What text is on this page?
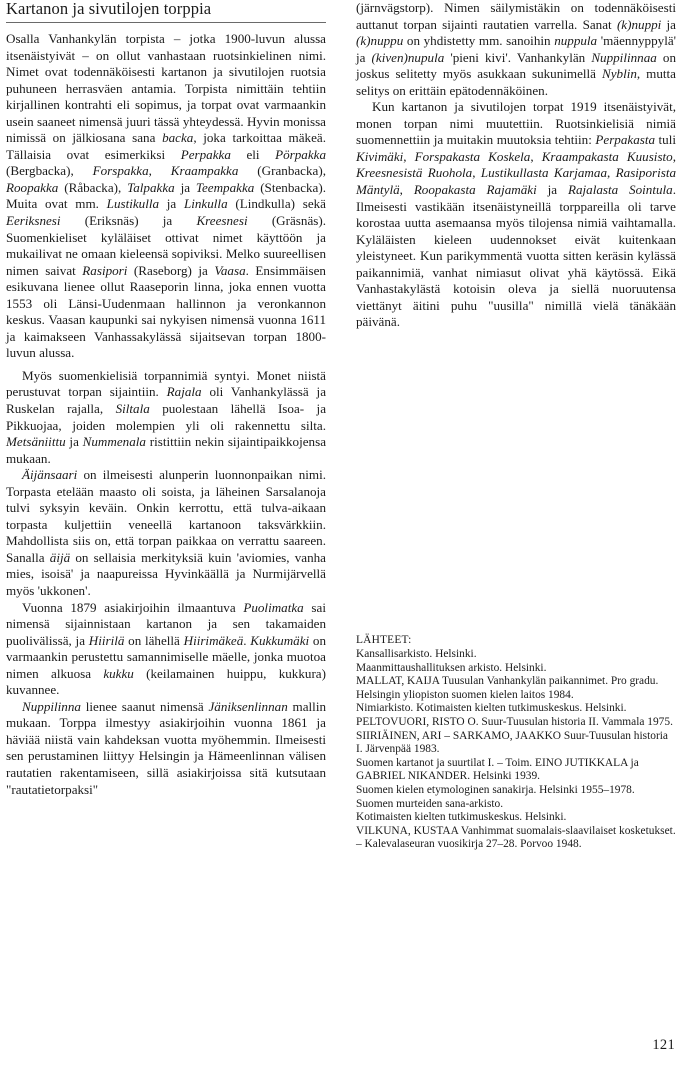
Kartanon ja sivutilojen torppia

Osalla Vanhankylän torpista – jotka 1900-luvun alussa itsenäistyivät – on ollut vanhastaan ruotsinkielinen nimi. Nimet ovat todennäköisesti kartanon ja sivutilojen ruotsia puhuneen herrasväen antamia. Torpista nimittäin tehtiin kirjallinen kontrahti eli sopimus, ja torpat ovat varmaankin usein saaneet nimensä juuri tässä yhteydessä. Hyvin monissa nimissä on jälkiosana sana backa, joka tarkoittaa mäkeä. Tällaisia ovat esimerkiksi Perpakka eli Pörpakka (Bergbacka), Forspakka, Kraampakka (Granbacka), Roopakka (Råbacka), Talpakka ja Teempakka (Stenbacka). Muita ovat mm. Lustikulla ja Linkulla (Lindkulla) sekä Eeriksnesi (Eriksnäs) ja Kreesnesi (Gräsnäs). Suomenkieliset kyläläiset ottivat nimet käyttöön ja mukailivat ne omaan kieleensä sopiviksi. Melko suureellisen nimen saivat Rasipori (Raseborg) ja Vaasa. Ensimmäisen esikuvana lienee ollut Raaseporin linna, joka ennen vuotta 1553 oli Länsi-Uudenmaan hallinnon ja veronkannon keskus. Vaasan kaupunki sai nykyisen nimensä vuonna 1611 ja kaimakseen Vanhassakylässä sijaitsevan torpan 1800-luvun alussa.

Myös suomenkielisiä torpannimiä syntyi. Monet niistä perustuvat torpan sijaintiin. Rajala oli Vanhankylässä ja Ruskelan rajalla, Siltala puolestaan lähellä Isoa- ja Pikkuojaa, joiden molempien yli oli rakennettu silta. Metsäniittu ja Nummenala ristittiin nekin sijaintipaikkojensa mukaan.

Äijänsaari on ilmeisesti alunperin luonnonpaikan nimi. Torpasta etelään maasto oli soista, ja läheinen Sarsalanoja tulvi syksyin keväin. Onkin kerrottu, että tulva-aikaan torpasta kuljettiin veneellä kartanoon taksvärkkiin. Mahdollista siis on, että torpan paikkaa on verrattu saareen. Sanalla äijä on sellaisia merkityksiä kuin 'aviomies, vanha mies, isoisä' ja naapureissa Hyvinkäällä ja Nurmijärvellä myös 'ukkonen'.

Vuonna 1879 asiakirjoihin ilmaantuva Puolimatka sai nimensä sijainnistaan kartanon ja sen takamaiden puolivälissä, ja Hiirilä on lähellä Hiirimäkeä. Kukkumäki on varmaankin perustettu samannimiselle mäelle, jonka muotoa nimen alkuosa kukku (keilamainen huippu, kukkura) kuvannee.

Nuppilinna lienee saanut nimensä Jäniksenlinnan mallin mukaan. Torppa ilmestyy asiakirjoihin vuonna 1861 ja häviää niistä vain kahdeksan vuotta myöhemmin. Ilmeisesti sen perustaminen liittyy Helsingin ja Hämeenlinnan välisen rautatien rakentamiseen, sillä asiakirjoissa sitä kutsutaan "rautatietorpaksi"

(järnvägstorp). Nimen säilymistäkin on todennäköisesti auttanut torpan sijainti rautatien varrella. Sanat (k)nuppi ja (k)nuppu on yhdistetty mm. sanoihin nuppula 'mäennyppylä' ja (kiven)nupula 'pieni kivi'. Vanhankylän Nuppilinnaa on joskus selitetty myös asukkaan sukunimellä Nyblin, mutta selitys on erittäin epätodennäköinen.

Kun kartanon ja sivutilojen torpat 1919 itsenäistyivät, monen torpan nimi muutettiin. Ruotsinkielisiä nimiä suomennettiin ja muitakin muutoksia tehtiin: Perpakasta tuli Kivimäki, Forspakasta Koskela, Kraampakasta Kuusisto, Kreesnesistä Ruohola, Lustikullasta Karjamaa, Rasiporista Mäntylä, Roopakasta Rajamäki ja Rajalasta Sointula. Ilmeisesti vastikään itsenäistyneillä torppareilla oli tarve korostaa uutta asemaansa myös tilojensa nimiä vaihtamalla. Kyläläisten kieleen uudennokset eivät kuitenkaan yleistyneet. Kun parikymmentä vuotta sitten keräsin kylässä paikannimiä, vanhat nimiasut olivat yhä käytössä. Eikä Vanhastakylästä kotoisin oleva ja siellä nuoruutensa viettänyt äitini puhu "uusilla" nimillä vielä tänäkään päivänä.

LÄHTEET:
Kansallisarkisto. Helsinki.
Maanmittaushallituksen arkisto. Helsinki.
MALLAT, KAIJA Tuusulan Vanhankylän paikannimet. Pro gradu. Helsingin yliopiston suomen kielen laitos 1984.
Nimiarkisto. Kotimaisten kielten tutkimuskeskus. Helsinki.
PELTOVUORI, RISTO O. Suur-Tuusulan historia II. Vammala 1975.
SIIRIÄINEN, ARI – SARKAMO, JAAKKO Suur-Tuusulan historia I. Järvenpää 1983.
Suomen kartanot ja suurtilat I. – Toim. EINO JUTIKKALA ja GABRIEL NIKANDER. Helsinki 1939.
Suomen kielen etymologinen sanakirja. Helsinki 1955–1978.
Suomen murteiden sana-arkisto.
Kotimaisten kielten tutkimuskeskus. Helsinki.
VILKUNA, KUSTAA Vanhimmat suomalais-slaavilaiset kosketukset. – Kalevalaseuran vuosikirja 27–28. Porvoo 1948.
121
